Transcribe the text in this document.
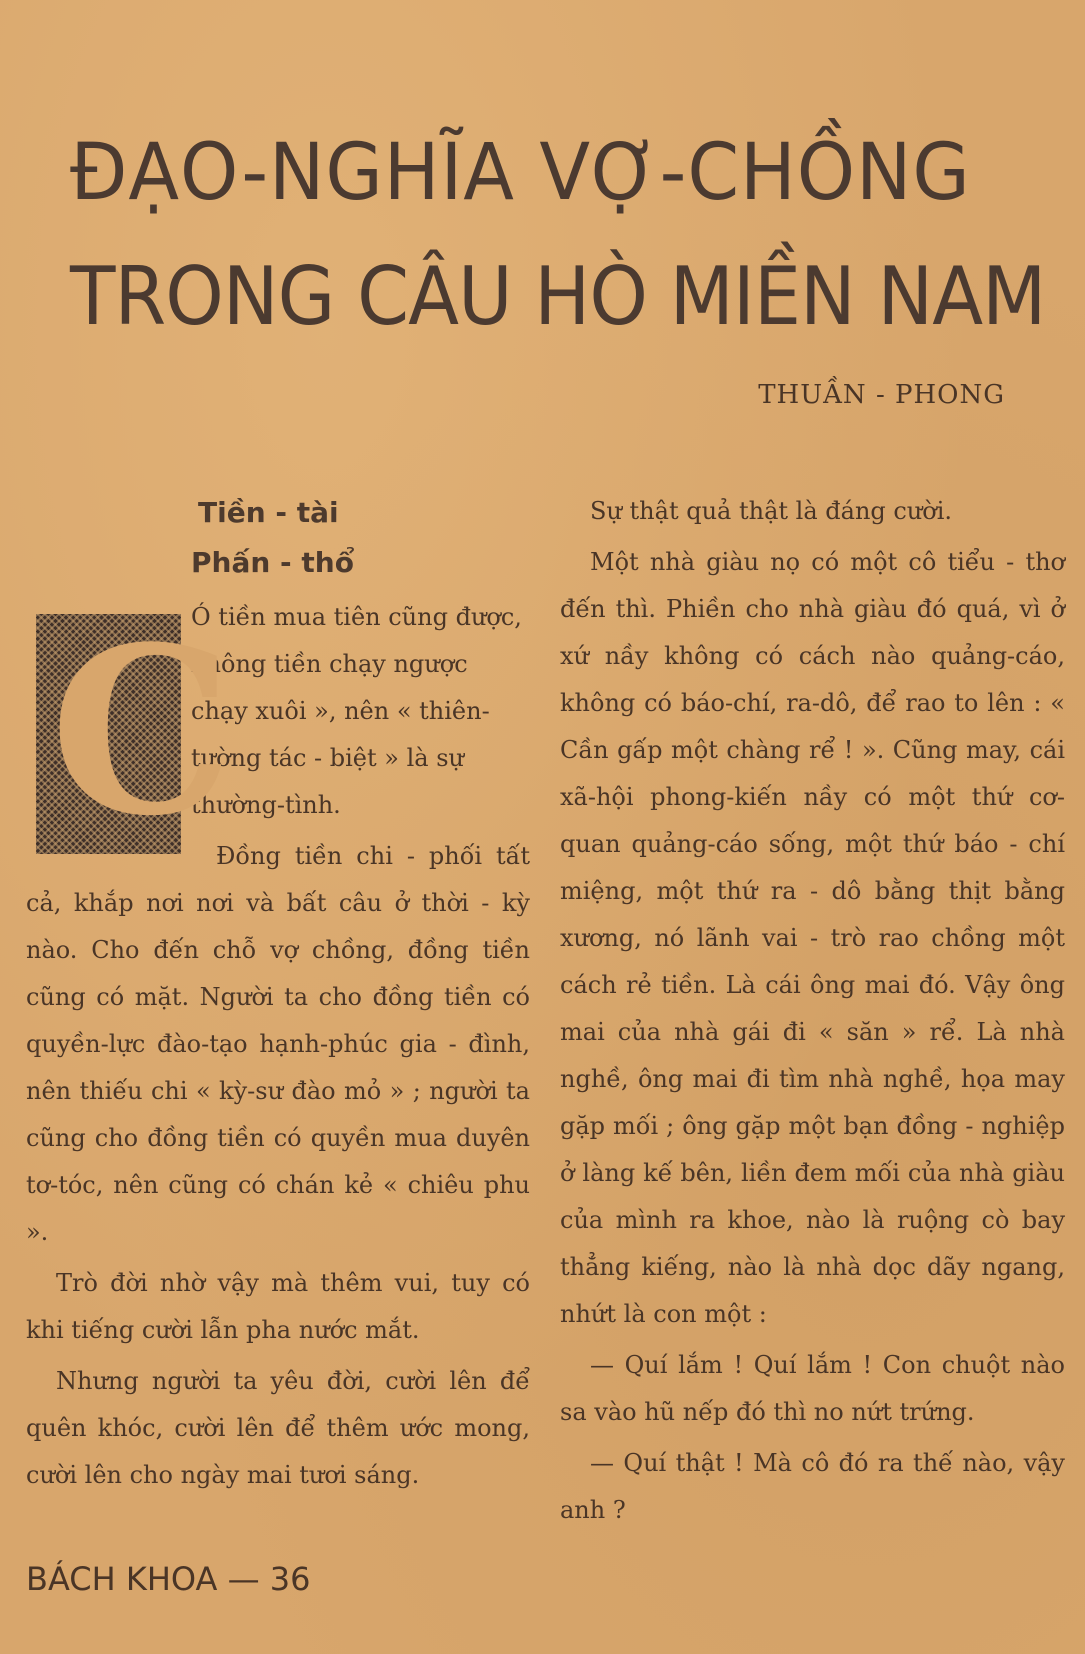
ĐẠO-NGHĨA VỢ-CHỒNG
TRONG CÂU HÒ MIỀN NAM
THUẦN - PHONG
Tiền - tài
Phấn - thổ
C
Ó tiền mua tiên cũng được,
không tiền chạy ngược
chạy xuôi », nên « thiên-
tường tác - biệt » là sự
thường-tình.

Đồng tiền chi - phối tất cả, khắp nơi nơi và bất câu ở thời - kỳ nào. Cho đến chỗ vợ chồng, đồng tiền cũng có mặt. Người ta cho đồng tiền có quyền-lực đào-tạo hạnh-phúc gia - đình, nên thiếu chi « kỳ-sư đào mỏ » ; người ta cũng cho đồng tiền có quyền mua duyên tơ-tóc, nên cũng có chán kẻ « chiêu phu ».

Trò đời nhờ vậy mà thêm vui, tuy có khi tiếng cười lẫn pha nước mắt.

Nhưng người ta yêu đời, cười lên để quên khóc, cười lên để thêm ước mong, cười lên cho ngày mai tươi sáng.

Sự thật quả thật là đáng cười.

Một nhà giàu nọ có một cô tiểu - thơ đến thì. Phiền cho nhà giàu đó quá, vì ở xứ nầy không có cách nào quảng-cáo, không có báo-chí, ra-dô, để rao to lên : « Cần gấp một chàng rể ! ». Cũng may, cái xã-hội phong-kiến nầy có một thứ cơ-quan quảng-cáo sống, một thứ báo - chí miệng, một thứ ra - dô bằng thịt bằng xương, nó lãnh vai - trò rao chồng một cách rẻ tiền. Là cái ông mai đó. Vậy ông mai của nhà gái đi « săn » rể. Là nhà nghề, ông mai đi tìm nhà nghề, họa may gặp mối ; ông gặp một bạn đồng - nghiệp ở làng kế bên, liền đem mối của nhà giàu của mình ra khoe, nào là ruộng cò bay thẳng kiếng, nào là nhà dọc dãy ngang, nhứt là con một :

— Quí lắm ! Quí lắm ! Con chuột nào sa vào hũ nếp đó thì no nứt trứng.

— Quí thật ! Mà cô đó ra thế nào, vậy anh ?

BÁCH KHOA — 36
